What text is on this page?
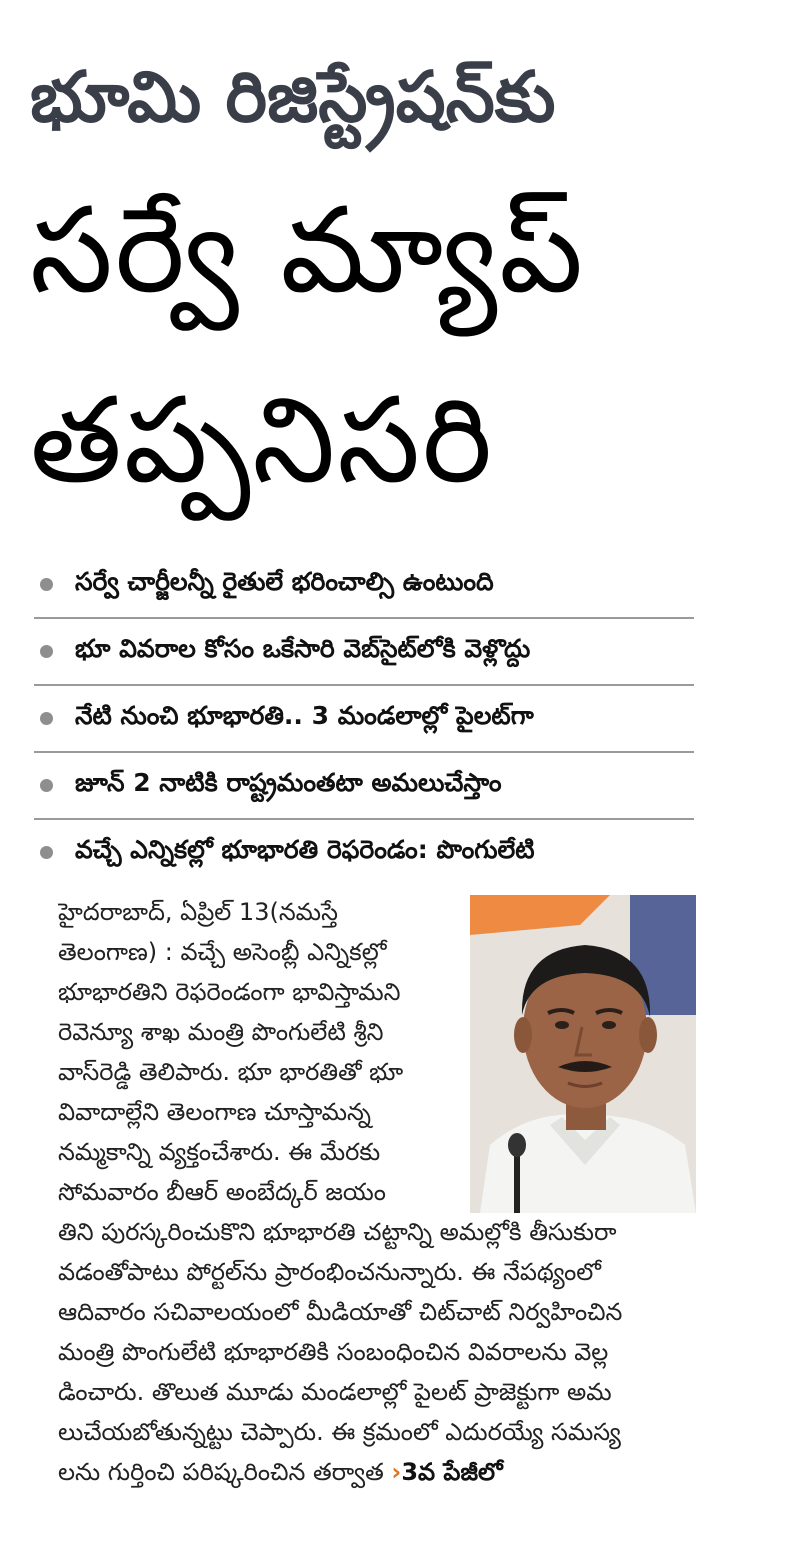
భూమి రిజిస్ట్రేషన్‌కు
సర్వే మ్యాప్
తప్పనిసరి
సర్వే చార్జీలన్నీ రైతులే భరించాల్సి ఉంటుంది
భూ వివరాల కోసం ఒకేసారి వెబ్‌సైట్‌లోకి వెళ్లొద్దు
నేటి నుంచి భూభారతి.. 3 మండలాల్లో పైలట్‌గా
జూన్ 2 నాటికి రాష్ట్రమంతటా అమలుచేస్తాం
వచ్చే ఎన్నికల్లో భూభారతి రెఫరెండం: పొంగులేటి
హైదరాబాద్, ఏప్రిల్ 13(నమస్తే
తెలంగాణ) : వచ్చే అసెంబ్లీ ఎన్నికల్లో
భూభారతిని రెఫరెండంగా భావిస్తామని
రెవెన్యూ శాఖ మంత్రి పొంగులేటి శ్రీని
వాస్‌రెడ్డి తెలిపారు. భూ భారతితో భూ
వివాదాల్లేని తెలంగాణ చూస్తామన్న
నమ్మకాన్ని వ్యక్తంచేశారు. ఈ మేరకు
సోమవారం బీఆర్ అంబేద్కర్ జయం
తిని పురస్కరించుకొని భూభారతి చట్టాన్ని అమల్లోకి తీసుకురా
వడంతోపాటు పోర్టల్‌ను ప్రారంభించనున్నారు. ఈ నేపథ్యంలో
ఆదివారం సచివాలయంలో మీడియాతో చిట్‌చాట్ నిర్వహించిన
మంత్రి పొంగులేటి భూభారతికి సంబంధించిన వివరాలను వెల్ల
డించారు. తొలుత మూడు మండలాల్లో పైలట్ ప్రాజెక్టుగా అమ
లుచేయబోతున్నట్టు చెప్పారు. ఈ క్రమంలో ఎదురయ్యే సమస్య
లను గుర్తించి పరిష్కరించిన తర్వాత ›3వ పేజీలో
